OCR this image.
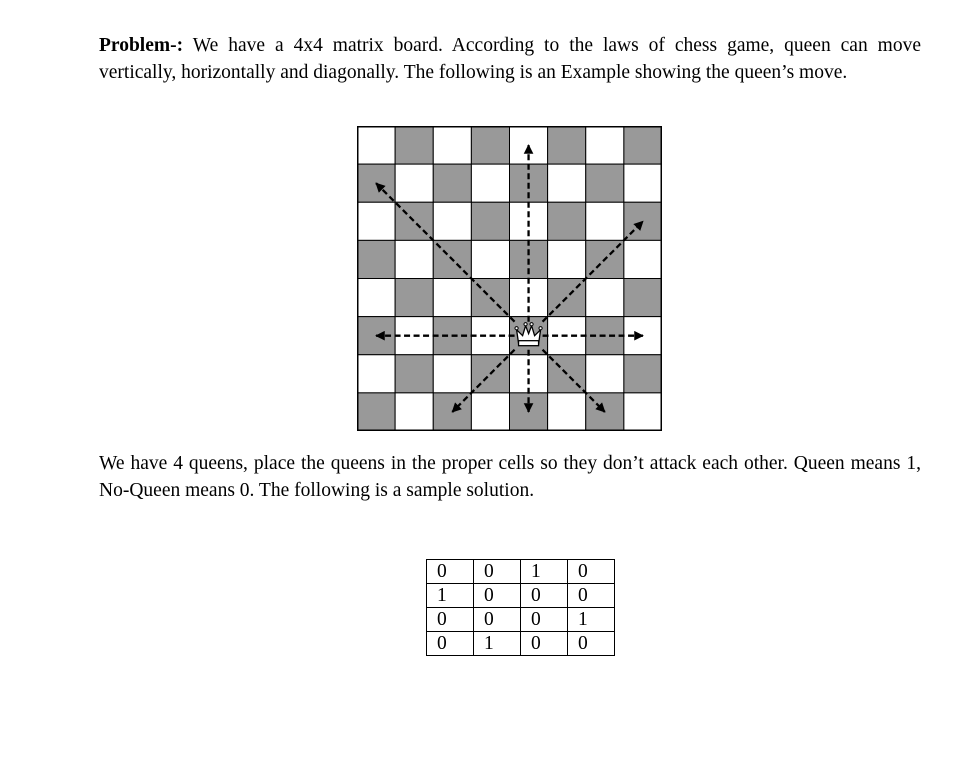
Problem-: We have a 4x4 matrix board. According to the laws of chess game, queen can move vertically, horizontally and diagonally. The following is an Example showing the queen’s move.

We have 4 queens, place the queens in the proper cells so they don’t attack each other. Queen means 1, No-Queen means 0. The following is a sample solution.

0	0	1	0
1	0	0	0
0	0	0	1
0	1	0	0
